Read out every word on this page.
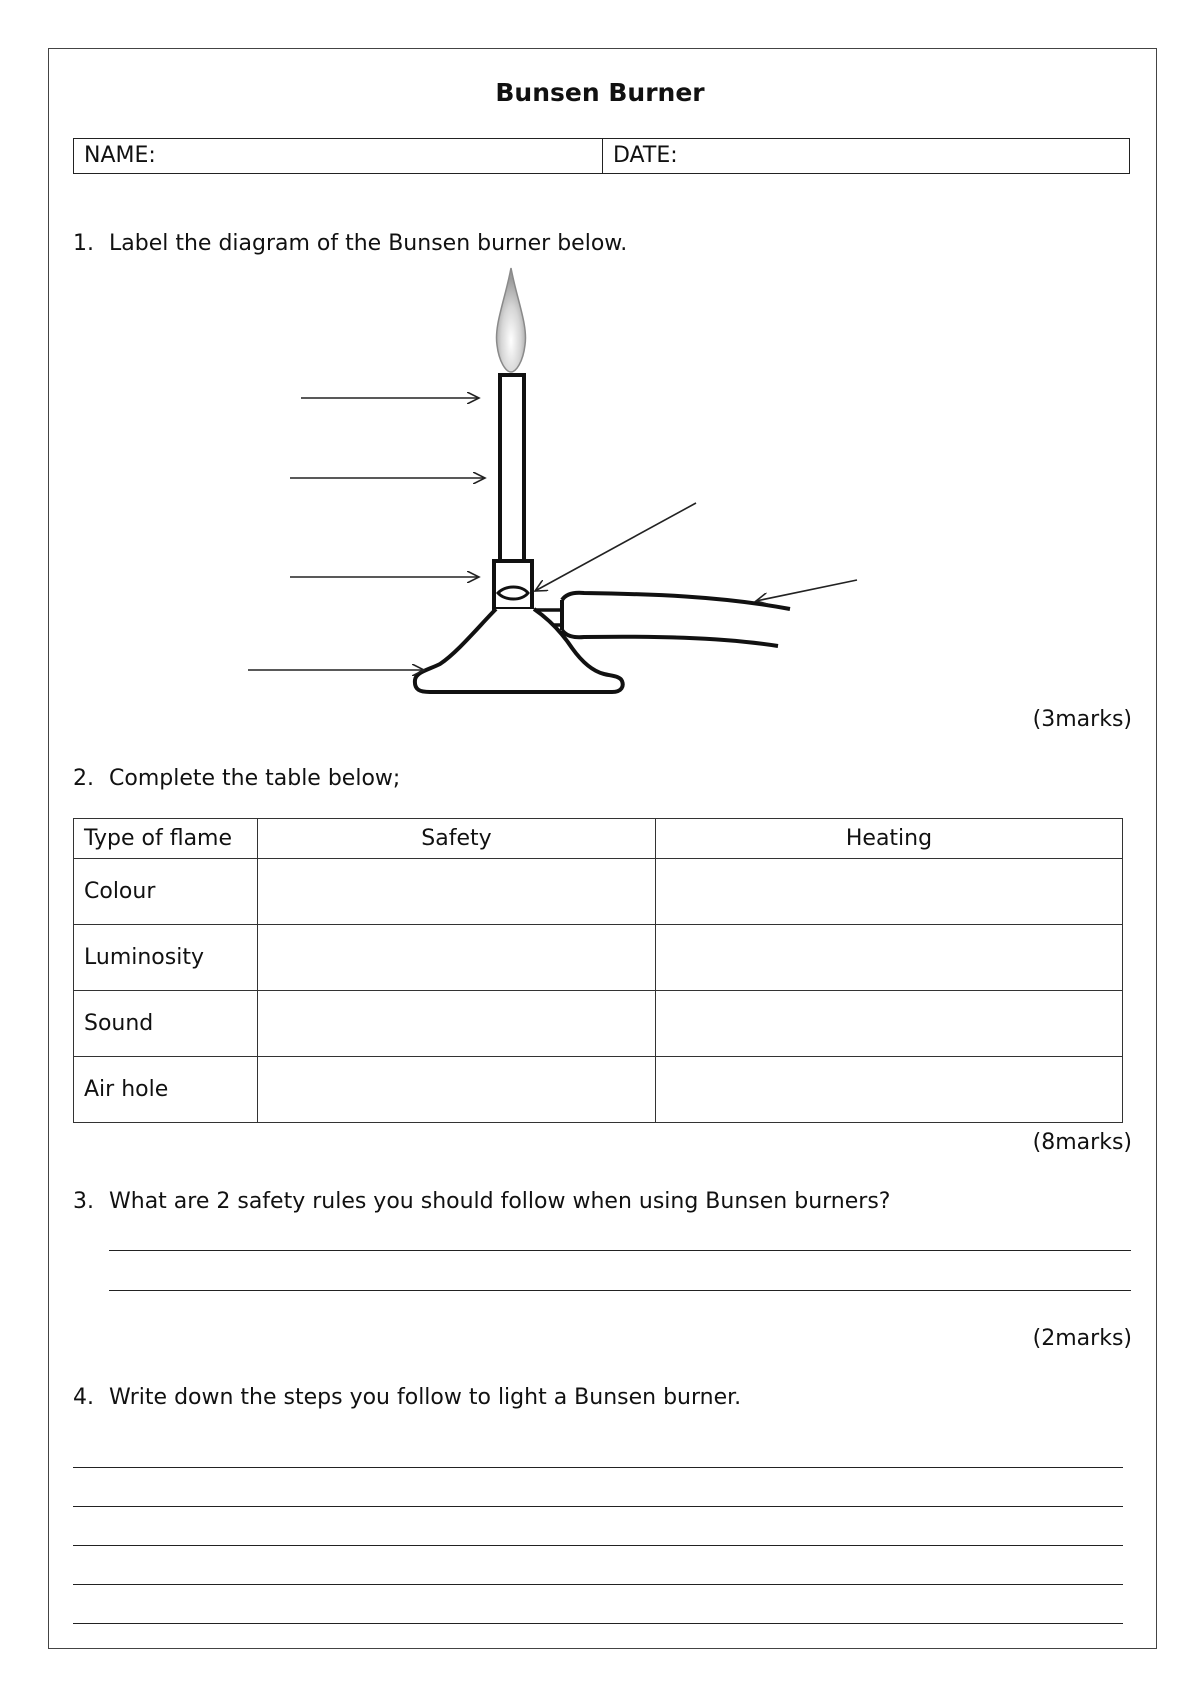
Bunsen Burner
NAME:	DATE:
1. Label the diagram of the Bunsen burner below.
(3marks)
2. Complete the table below;
Type of flame	Safety	Heating
Colour		
Luminosity		
Sound		
Air hole		
(8marks)
3. What are 2 safety rules you should follow when using Bunsen burners?
(2marks)
4. Write down the steps you follow to light a Bunsen burner.
